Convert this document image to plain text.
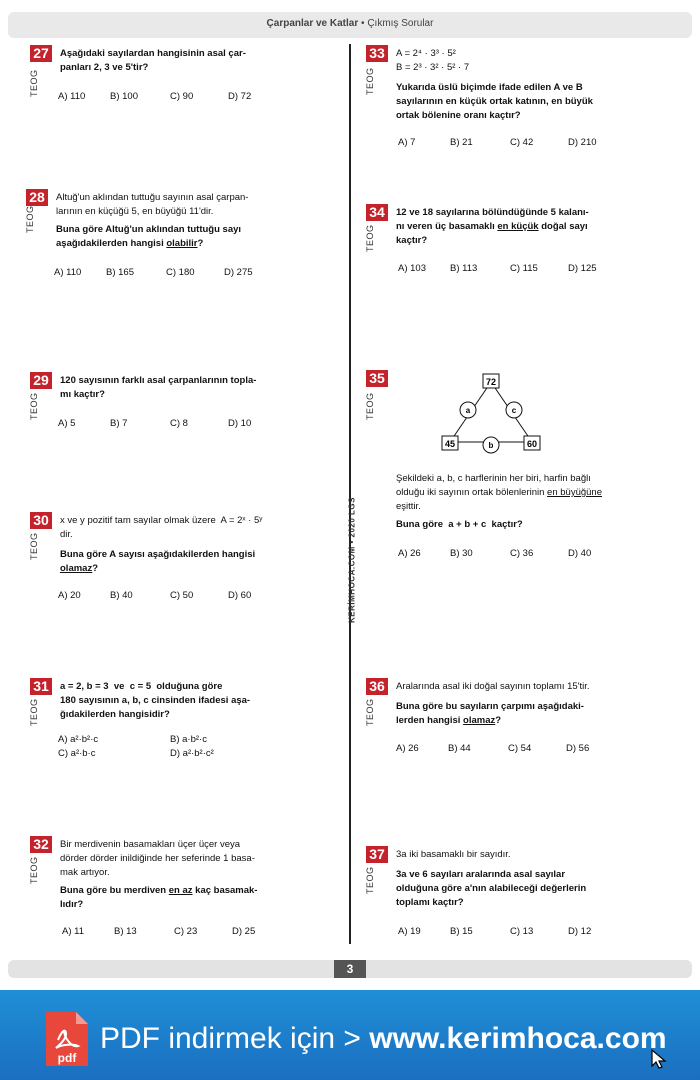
Çarpanlar ve Katlar • Çıkmış Sorular
KERİMHOCA.COM • 2020 LGS
27
TEOG
Aşağıdaki sayılardan hangisinin asal çar-
panları 2, 3 ve 5'tir?
A) 110	B) 100	C) 90	D) 72
28
TEOG
Altuğ'un aklından tuttuğu sayının asal çarpan-
larının en küçüğü 5, en büyüğü 11'dir.
Buna göre Altuğ'un aklından tuttuğu sayı
aşağıdakilerden hangisi olabilir?
A) 110	B) 165	C) 180	D) 275
29
TEOG
120 sayısının farklı asal çarpanlarının topla-
mı kaçtır?
A) 5	B) 7	C) 8	D) 10
30
TEOG
x ve y pozitif tam sayılar olmak üzere  A = 2ˣ · 5ʸ
dir.
Buna göre A sayısı aşağıdakilerden hangisi
olamaz?
A) 20	B) 40	C) 50	D) 60
31
TEOG
a = 2, b = 3  ve  c = 5  olduğuna göre
180 sayısının a, b, c cinsinden ifadesi aşa-
ğıdakilerden hangisidir?
A) a²·b²·c	B) a·b²·c
C) a²·b·c	D) a²·b²·c²
32
TEOG
Bir merdivenin basamakları üçer üçer veya
dörder dörder inildiğinde her seferinde 1 basa-
mak artıyor.
Buna göre bu merdiven en az kaç basamak-
lıdır?
A) 11	B) 13	C) 23	D) 25
33
TEOG
A = 2⁴ · 3³ · 5²
B = 2³ · 3² · 5² · 7
Yukarıda üslü biçimde ifade edilen A ve B
sayılarının en küçük ortak katının, en büyük
ortak bölenine oranı kaçtır?
A) 7	B) 21	C) 42	D) 210
34
TEOG
12 ve 18 sayılarına bölündüğünde 5 kalanı-
nı veren üç basamaklı en küçük doğal sayı
kaçtır?
A) 103	B) 113	C) 115	D) 125
35
TEOG
Şekildeki a, b, c harflerinin her biri, harfin bağlı
olduğu iki sayının ortak bölenlerinin en büyüğüne
eşittir.
Buna göre  a + b + c  kaçtır?
A) 26	B) 30	C) 36	D) 40
72
45	60
a	c
b
36
TEOG
Aralarında asal iki doğal sayının toplamı 15'tir.
Buna göre bu sayıların çarpımı aşağıdaki-
lerden hangisi olamaz?
A) 26	B) 44	C) 54	D) 56
37
TEOG
3a iki basamaklı bir sayıdır.
3a ve 6 sayıları aralarında asal sayılar
olduğuna göre a'nın alabileceği değerlerin
toplamı kaçtır?
A) 19	B) 15	C) 13	D) 12
3
pdf
PDF indirmek için > www.kerimhoca.com
